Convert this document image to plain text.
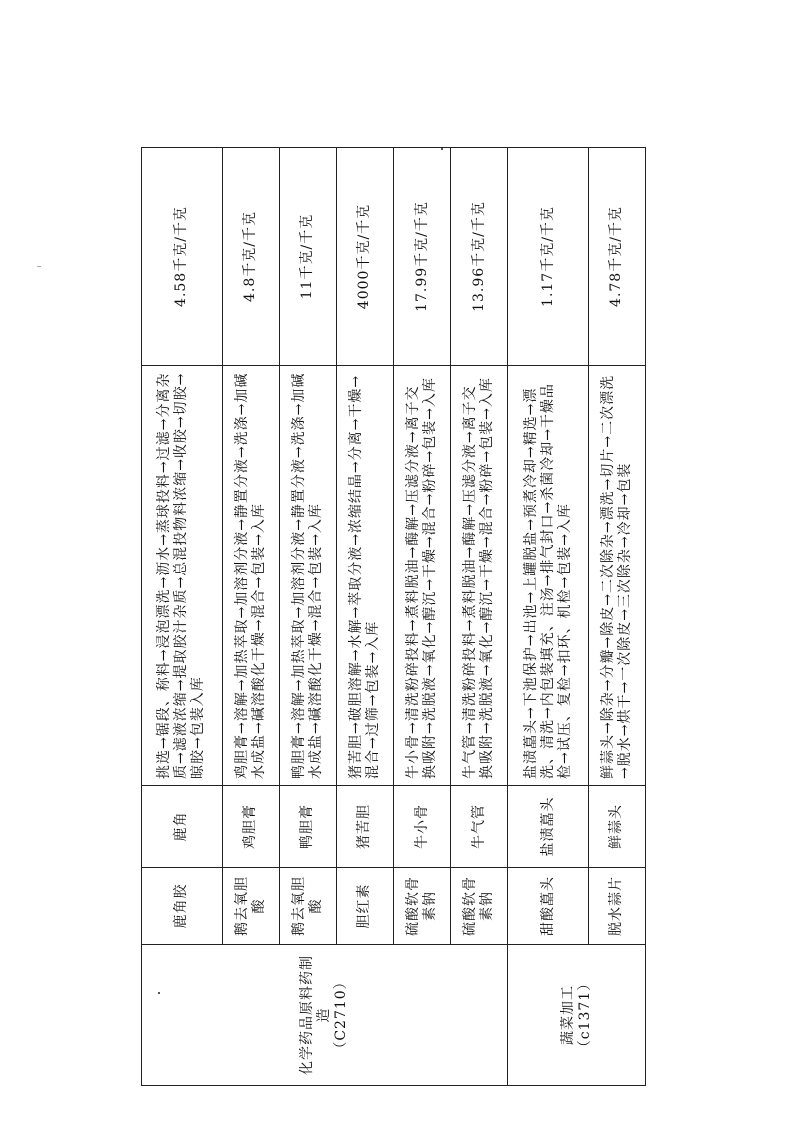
化学药品原料药制造
（C2710）	鹿角胶	鹿角	挑选→锯段、称料→浸泡漂洗→沥水→蒸球投料→过滤→分离杂质→滤液浓缩→提取胶汁杂质→总混投物料浓缩→收胶→切胶→晾胶→包装入库	4.58千克/千克
	鹅去氧胆酸	鸡胆膏	鸡胆膏→溶解→加热萃取→加溶剂分液→静置分液→洗涤→加碱水成盐→碱溶酸化干燥→混合→包装→入库	4.8千克/千克
	鹅去氧胆酸	鸭胆膏	鸭胆膏→溶解→加热萃取→加溶剂分液→静置分液→洗涤→加碱水成盐→碱溶酸化干燥→混合→包装→入库	11千克/千克
	胆红素	猪苦胆	猪苦胆→破胆溶解→水解→萃取分液→浓缩结晶→分离→干燥→混合→过筛→包装→入库	4000千克/千克
	硫酸软骨素钠	牛小骨	牛小骨→清洗粉碎投料→煮料脱油→酶解→压滤分液→离子交换吸附→洗脱液→氧化→醇沉→干燥→混合→粉碎→包装→入库	17.99千克/千克
	硫酸软骨素钠	牛气管	牛气管→清洗粉碎投料→煮料脱油→酶解→压滤分液→离子交换吸附→洗脱液→氧化→醇沉→干燥→混合→粉碎→包装→入库	13.96千克/千克
蔬菜加工
（c1371）	甜酸藠头	盐渍藠头	盐渍藠头→下池保护→出池→上罐脱盐→预煮冷却→精选→漂洗、清洗→内包装填充、注汤→排气封口→杀菌冷却→干燥品检→试压、复检→扣环、机检→包装→入库	1.17千克/千克
	脱水蒜片	鲜蒜头	鲜蒜头→除杂→分瓣→除皮→二次除杂→漂洗→切片→二次漂洗→脱水→烘干→一次除皮→三次除杂→冷却→包装	4.78千克/千克
